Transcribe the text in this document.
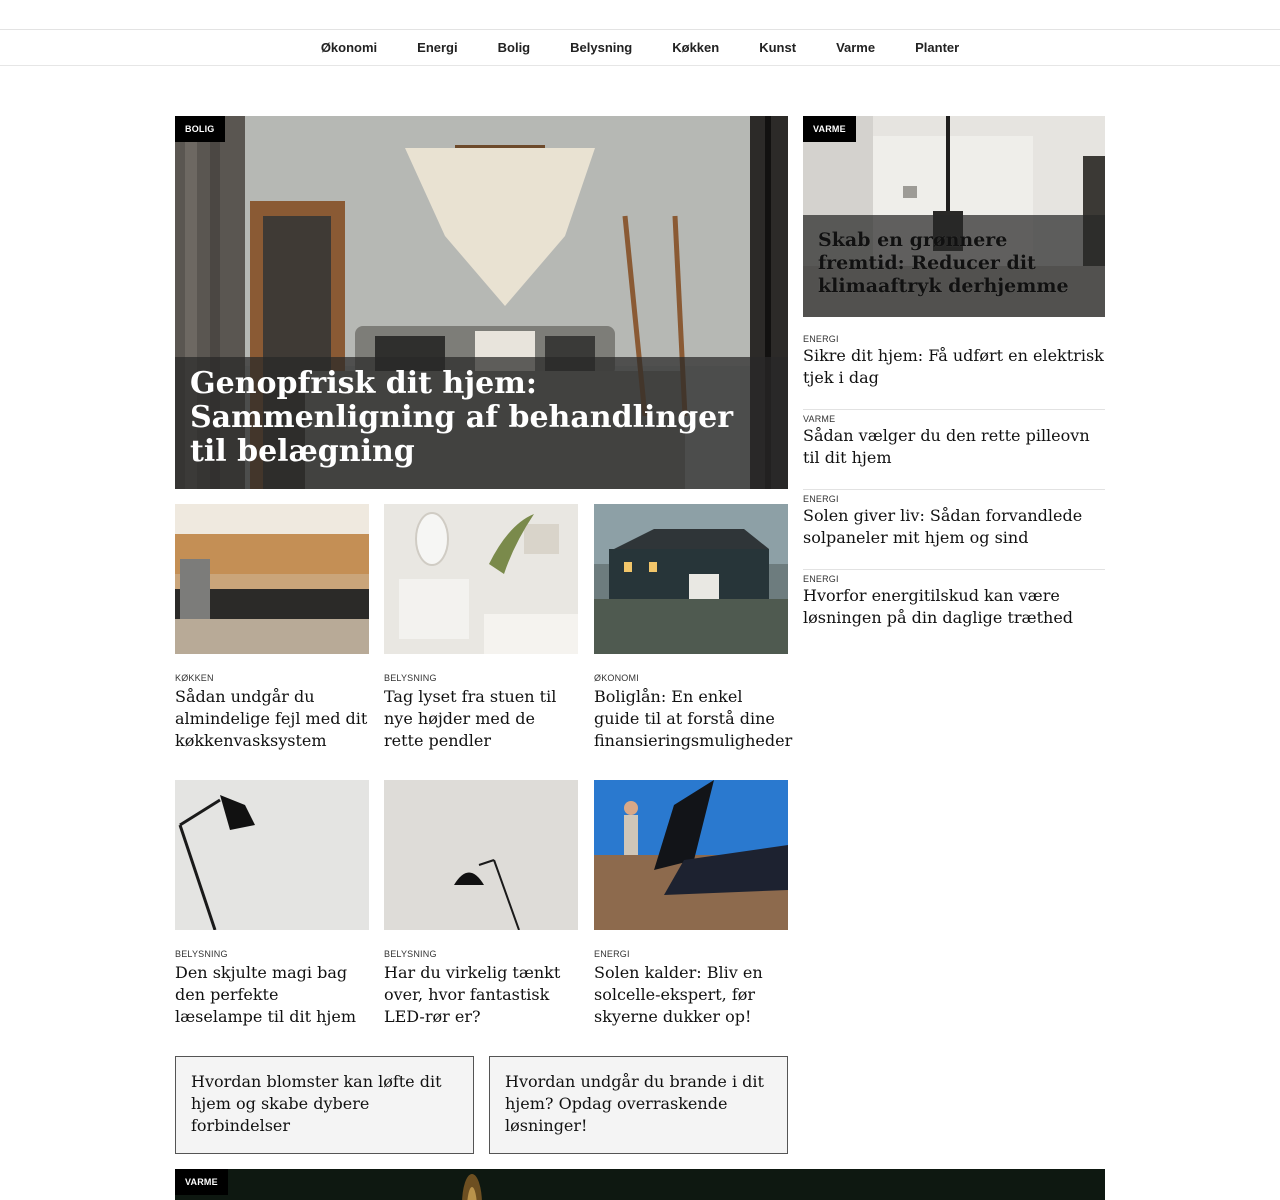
Økonomi	Energi	Bolig	Belysning	Køkken	Kunst	Varme	Planter
BOLIG
Genopfrisk dit hjem: Sammenligning af behandlinger til belægning
VARME
Skab en grønnere fremtid: Reducer dit klimaaftryk derhjemme
ENERGI
Sikre dit hjem: Få udført en elektrisk tjek i dag
VARME
Sådan vælger du den rette pilleovn til dit hjem
ENERGI
Solen giver liv: Sådan forvandlede solpaneler mit hjem og sind
ENERGI
Hvorfor energitilskud kan være løsningen på din daglige træthed
KØKKEN
Sådan undgår du almindelige fejl med dit køkkenvasksystem
BELYSNING
Tag lyset fra stuen til nye højder med de rette pendler
ØKONOMI
Boliglån: En enkel guide til at forstå dine finansieringsmuligheder
BELYSNING
Den skjulte magi bag den perfekte læselampe til dit hjem
BELYSNING
Har du virkelig tænkt over, hvor fantastisk LED-rør er?
ENERGI
Solen kalder: Bliv en solcelle-ekspert, før skyerne dukker op!
Hvordan blomster kan løfte dit hjem og skabe dybere forbindelser
Hvordan undgår du brande i dit hjem? Opdag overraskende løsninger!
VARME
